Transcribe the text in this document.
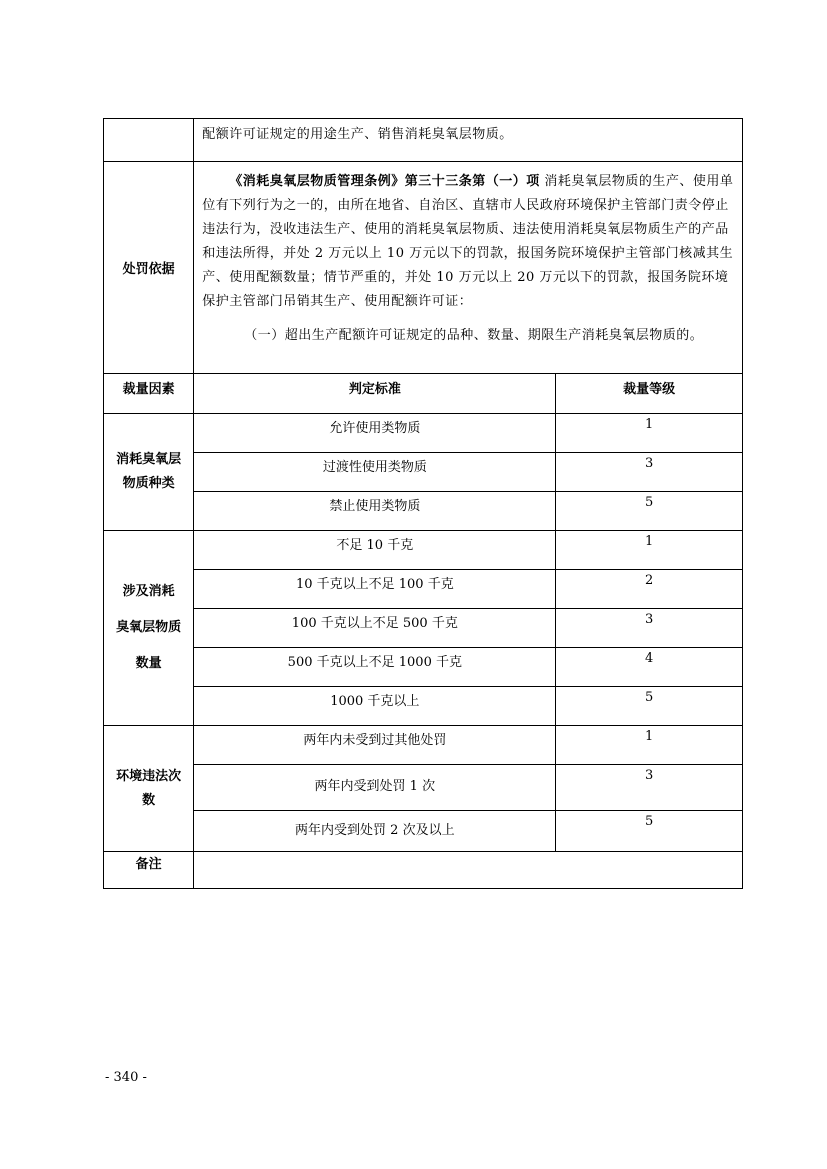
	配额许可证规定的用途生产、销售消耗臭氧层物质。	
处罚依据	《消耗臭氧层物质管理条例》第三十三条第（一）项 消耗臭氧层物质的生产、使用单位有下列行为之一的，由所在地省、自治区、直辖市人民政府环境保护主管部门责令停止违法行为，没收违法生产、使用的消耗臭氧层物质、违法使用消耗臭氧层物质生产的产品和违法所得，并处 2 万元以上 10 万元以下的罚款，报国务院环境保护主管部门核减其生产、使用配额数量；情节严重的，并处 10 万元以上 20 万元以下的罚款，报国务院环境保护主管部门吊销其生产、使用配额许可证：
（一）超出生产配额许可证规定的品种、数量、期限生产消耗臭氧层物质的。	

裁量因素	判定标准	裁量等级
消耗臭氧层
物质种类	允许使用类物质	1
	过渡性使用类物质	3
	禁止使用类物质	5

涉及消耗
臭氧层物质
数量	不足 10 千克	1
	10 千克以上不足 100 千克	2
	100 千克以上不足 500 千克	3
	500 千克以上不足 1000 千克	4
	1000 千克以上	5
环境违法次
数	两年内未受到过其他处罚	1
	两年内受到处罚 1 次	3
	两年内受到处罚 2 次及以上	5
备注		
- 340 -
